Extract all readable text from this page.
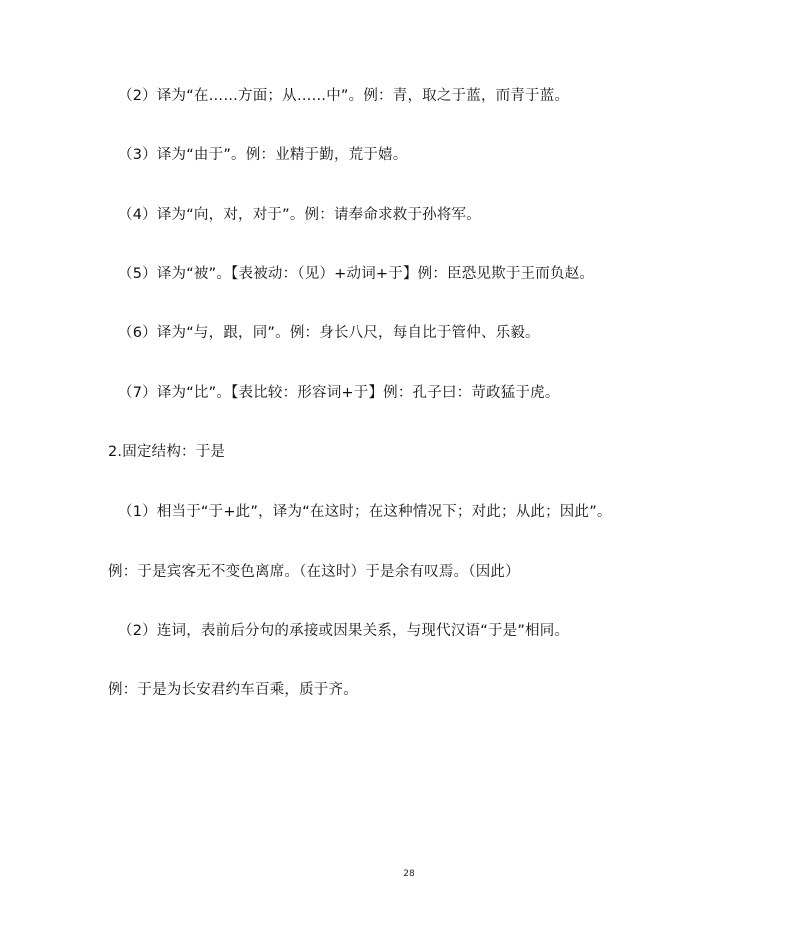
（2）译为“在……方面；从……中”。例：青，取之于蓝，而青于蓝。
（3）译为“由于”。例：业精于勤，荒于嬉。
（4）译为“向，对，对于”。例：请奉命求救于孙将军。
（5）译为“被”。【表被动：（见）+动词+于】例：臣恐见欺于王而负赵。
（6）译为“与，跟，同”。例：身长八尺，每自比于管仲、乐毅。
（7）译为“比”。【表比较：形容词+于】例：孔子曰：苛政猛于虎。
2.固定结构：于是
（1）相当于“于+此”，译为“在这时；在这种情况下；对此；从此；因此”。
例：于是宾客无不变色离席。（在这时）于是余有叹焉。（因此）
（2）连词，表前后分句的承接或因果关系，与现代汉语“于是”相同。
例：于是为长安君约车百乘，质于齐。
28
